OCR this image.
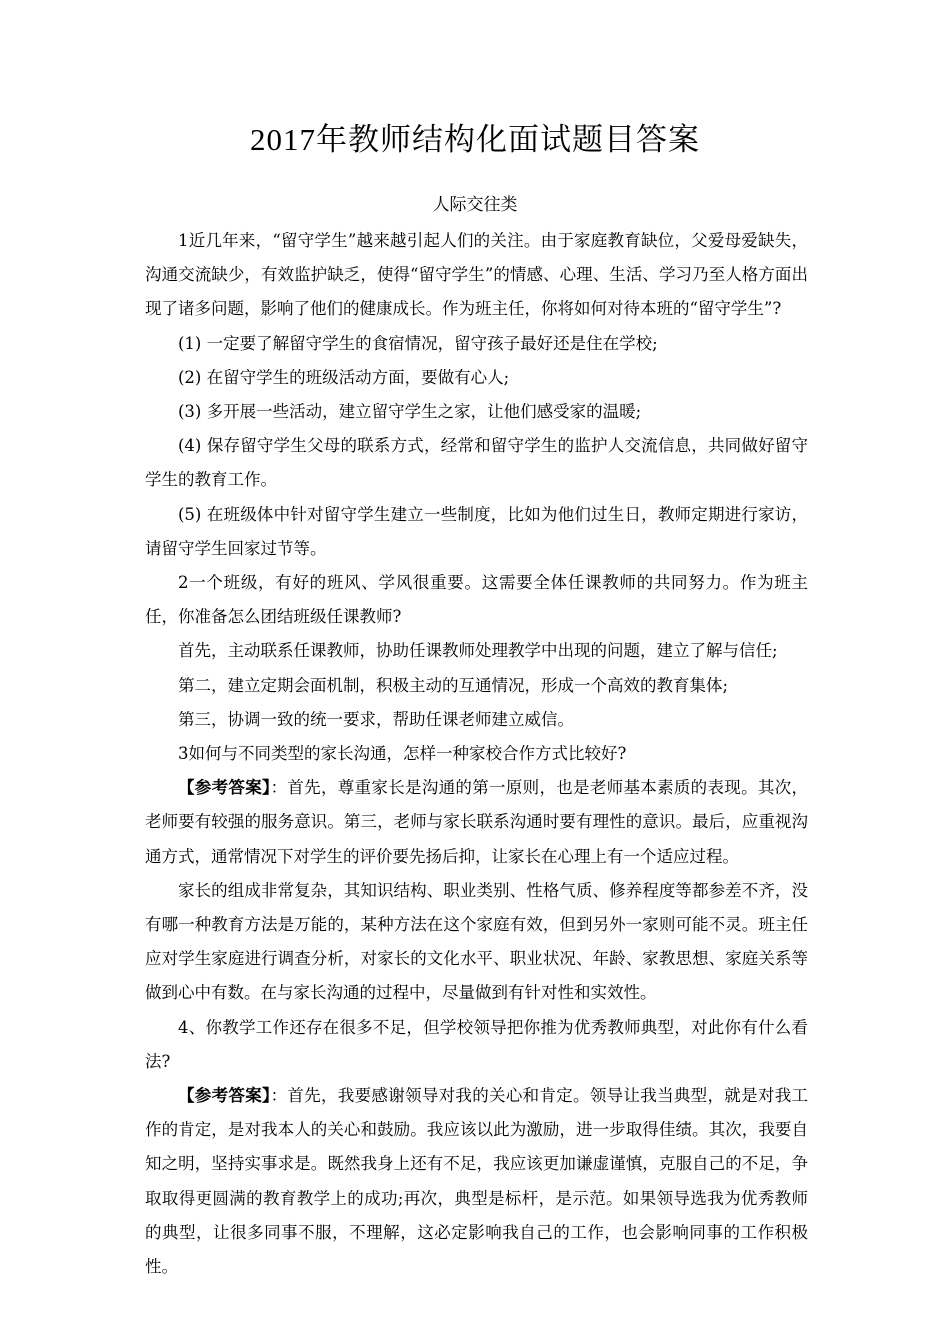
2017年教师结构化面试题目答案
人际交往类

1近几年来，“留守学生”越来越引起人们的关注。由于家庭教育缺位，父爱母爱缺失，沟通交流缺少，有效监护缺乏，使得“留守学生”的情感、心理、生活、学习乃至人格方面出现了诸多问题，影响了他们的健康成长。作为班主任，你将如何对待本班的“留守学生”?

(1) 一定要了解留守学生的食宿情况，留守孩子最好还是住在学校;

(2) 在留守学生的班级活动方面，要做有心人;

(3) 多开展一些活动，建立留守学生之家，让他们感受家的温暖;

(4) 保存留守学生父母的联系方式，经常和留守学生的监护人交流信息，共同做好留守学生的教育工作。

(5) 在班级体中针对留守学生建立一些制度，比如为他们过生日，教师定期进行家访，请留守学生回家过节等。

2一个班级，有好的班风、学风很重要。这需要全体任课教师的共同努力。作为班主任，你准备怎么团结班级任课教师?

首先，主动联系任课教师，协助任课教师处理教学中出现的问题，建立了解与信任;

第二，建立定期会面机制，积极主动的互通情况，形成一个高效的教育集体;

第三，协调一致的统一要求，帮助任课老师建立威信。

3如何与不同类型的家长沟通，怎样一种家校合作方式比较好?

【参考答案】：首先，尊重家长是沟通的第一原则，也是老师基本素质的表现。其次，老师要有较强的服务意识。第三，老师与家长联系沟通时要有理性的意识。最后，应重视沟通方式，通常情况下对学生的评价要先扬后抑，让家长在心理上有一个适应过程。

家长的组成非常复杂，其知识结构、职业类别、性格气质、修养程度等都参差不齐，没有哪一种教育方法是万能的，某种方法在这个家庭有效，但到另外一家则可能不灵。班主任应对学生家庭进行调查分析，对家长的文化水平、职业状况、年龄、家教思想、家庭关系等做到心中有数。在与家长沟通的过程中，尽量做到有针对性和实效性。

4、你教学工作还存在很多不足，但学校领导把你推为优秀教师典型，对此你有什么看法?

【参考答案】：首先，我要感谢领导对我的关心和肯定。领导让我当典型，就是对我工作的肯定，是对我本人的关心和鼓励。我应该以此为激励，进一步取得佳绩。其次，我要自知之明，坚持实事求是。既然我身上还有不足，我应该更加谦虚谨慎，克服自己的不足，争取取得更圆满的教育教学上的成功;再次，典型是标杆，是示范。如果领导选我为优秀教师的典型，让很多同事不服，不理解，这必定影响我自己的工作，也会影响同事的工作积极性。
